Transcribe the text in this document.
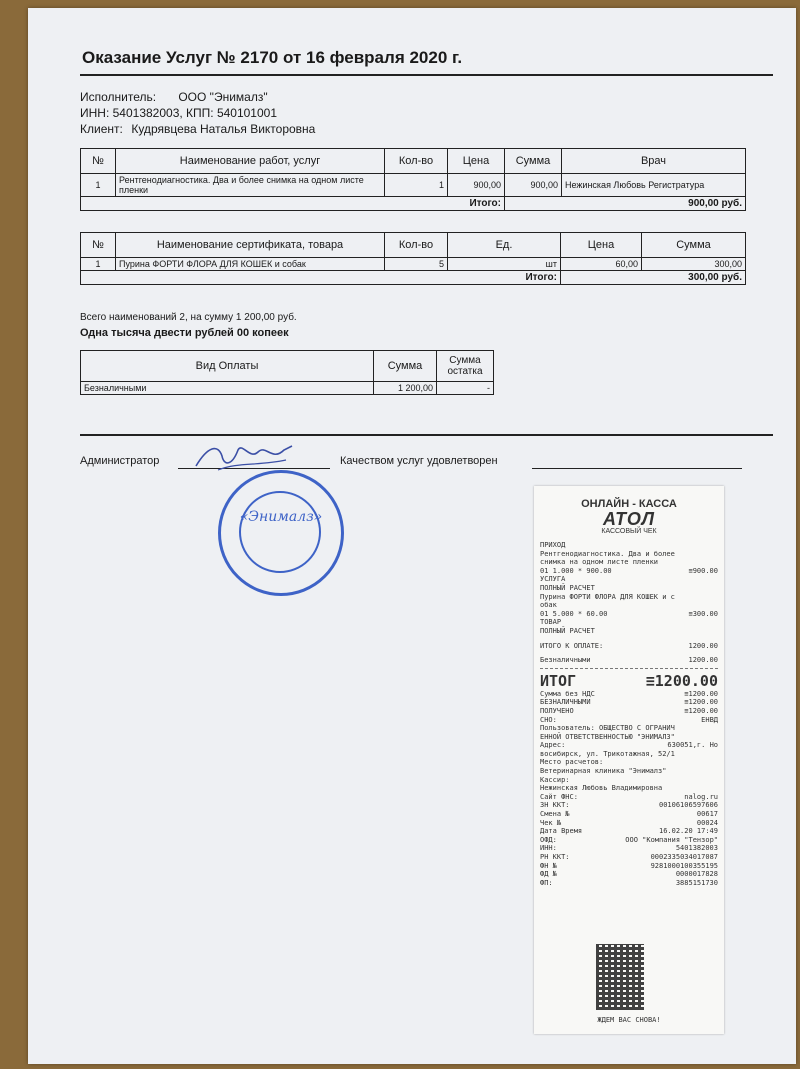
Оказание Услуг № 2170 от 16 февраля 2020 г.
Исполнитель: ООО "Энималз"
ИНН: 5401382003, КПП: 540101001
Клиент: Кудрявцева Наталья Викторовна
№	Наименование работ, услуг	Кол-во	Цена	Сумма	Врач
1	Рентгенодиагностика. Два и более снимка на одном листе пленки	1	900,00	900,00	Нежинская Любовь Регистратура
Итого:				900,00 руб.	
№	Наименование сертификата, товара	Кол-во	Ед.	Цена	Сумма
1	Пурина ФОРТИ ФЛОРА ДЛЯ КОШЕК и собак	5	шт	60,00	300,00
Итого:				300,00 руб.	
Всего наименований 2, на сумму 1 200,00 руб.
Одна тысяча двести рублей 00 копеек
Вид Оплаты	Сумма	Сумма остатка
Безналичными	1 200,00	-
Администратор	Качеством услуг удовлетворен
«Энималз»
ОНЛАЙН - КАССА
АТОЛ
КАССОВЫЙ ЧЕК
ПРИХОД
Рентгенодиагностика. Два и более
снимка на одном листе пленки
01 1.000 * 900.00	≡900.00
УСЛУГА
ПОЛНЫЙ РАСЧЕТ
Пурина ФОРТИ ФЛОРА ДЛЯ КОШЕК и с
обак
01 5.000 * 60.00	≡300.00
ТОВАР
ПОЛНЫЙ РАСЧЕТ
ИТОГО К ОПЛАТЕ:	1200.00
Безналичными	1200.00
ИТОГ	≡1200.00
Сумма без НДС	≡1200.00
БЕЗНАЛИЧНЫМИ	≡1200.00
ПОЛУЧЕНО	≡1200.00
СНО:	ЕНВД
Пользователь: ОБЩЕСТВО С ОГРАНИЧ
ЕННОЙ ОТВЕТСТВЕННОСТЬЮ "ЭНИМАЛЗ"
Адрес:	630051,г. Но
восибирск, ул. Трикотажная, 52/1
Место расчетов:
Ветеринарная клиника "Энималз"
Кассир:
Нежинская Любовь Владимировна
Сайт ФНС:	nalog.ru
ЗН ККТ:	00106106597606
Смена №	00617
Чек №	00024
Дата Время	16.02.20 17:49
ОФД:	ООО "Компания "Тензор"
ИНН:	5401382003
РН ККТ:	0002335034017087
ФН №	9281000100355195
ФД №	0000017828
ФП:	3885151730
ЖДЕМ ВАС СНОВА!
